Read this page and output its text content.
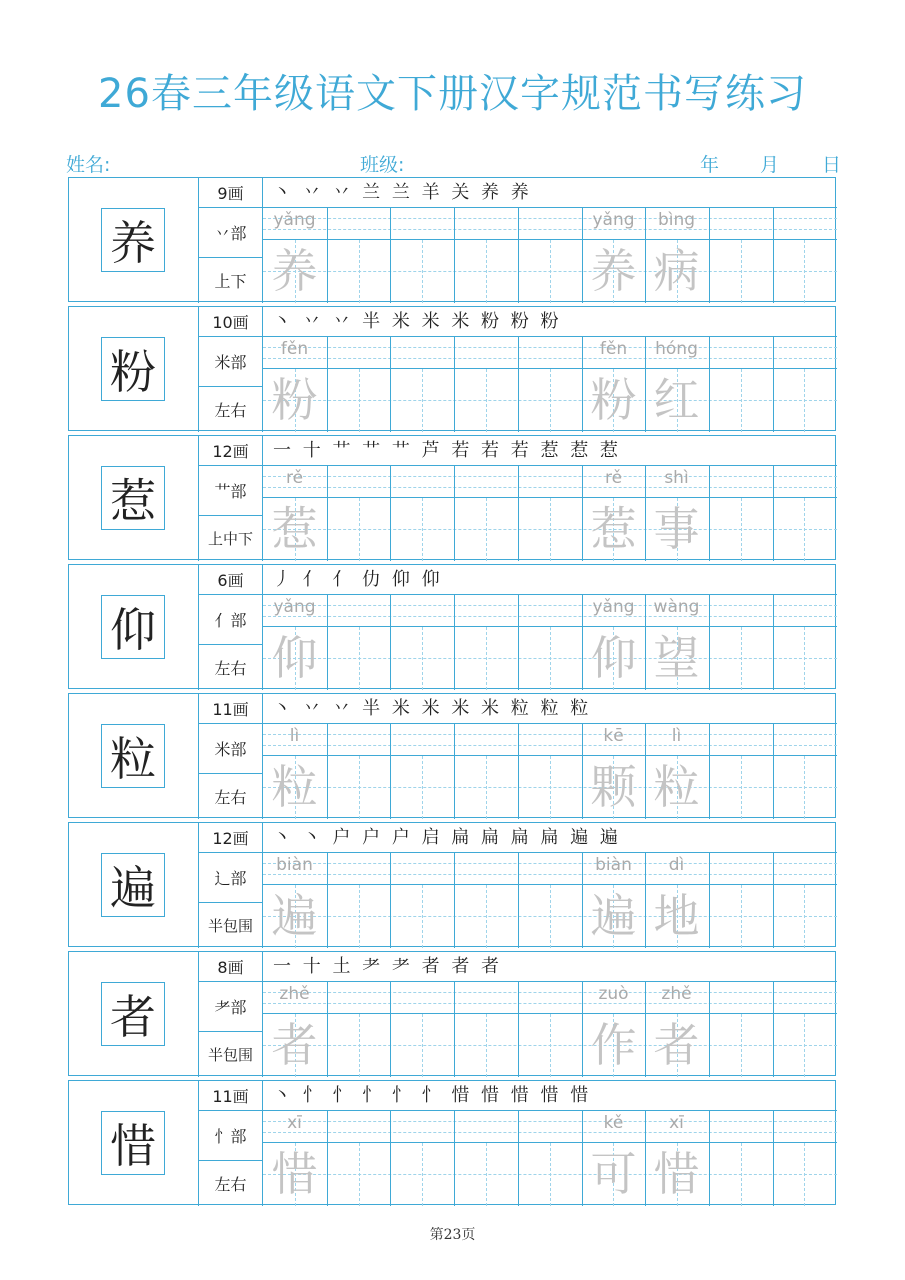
26春三年级语文下册汉字规范书写练习
姓名:	班级:	年 月 日
养
9画
丷部
上下
丶 丷 丷 兰 兰 羊 关 养 养
yǎng
养
yǎng
养
bìng
病
粉
10画
米部
左右
丶 丷 丷 半 米 米 米 粉 粉 粉
fěn
粉
fěn
粉
hóng
红
惹
12画
艹部
上中下
一 十 艹 艹 艹 芦 若 若 若 惹 惹 惹
rě
惹
rě
惹
shì
事
仰
6画
亻部
左右
丿 亻 亻 仂 仰 仰
yǎng
仰
yǎng
仰
wàng
望
粒
11画
米部
左右
丶 丷 丷 半 米 米 米 米 粒 粒 粒
lì
粒
kē
颗
lì
粒
遍
12画
辶部
半包围
丶 丶 户 户 户 启 扁 扁 扁 扁 遍 遍
biàn
遍
biàn
遍
dì
地
者
8画
耂部
半包围
一 十 土 耂 耂 者 者 者
zhě
者
zuò
作
zhě
者
惜
11画
忄部
左右
丶 忄 忄 忄 忄 忄 惜 惜 惜 惜 惜
xī
惜
kě
可
xī
惜
第23页
